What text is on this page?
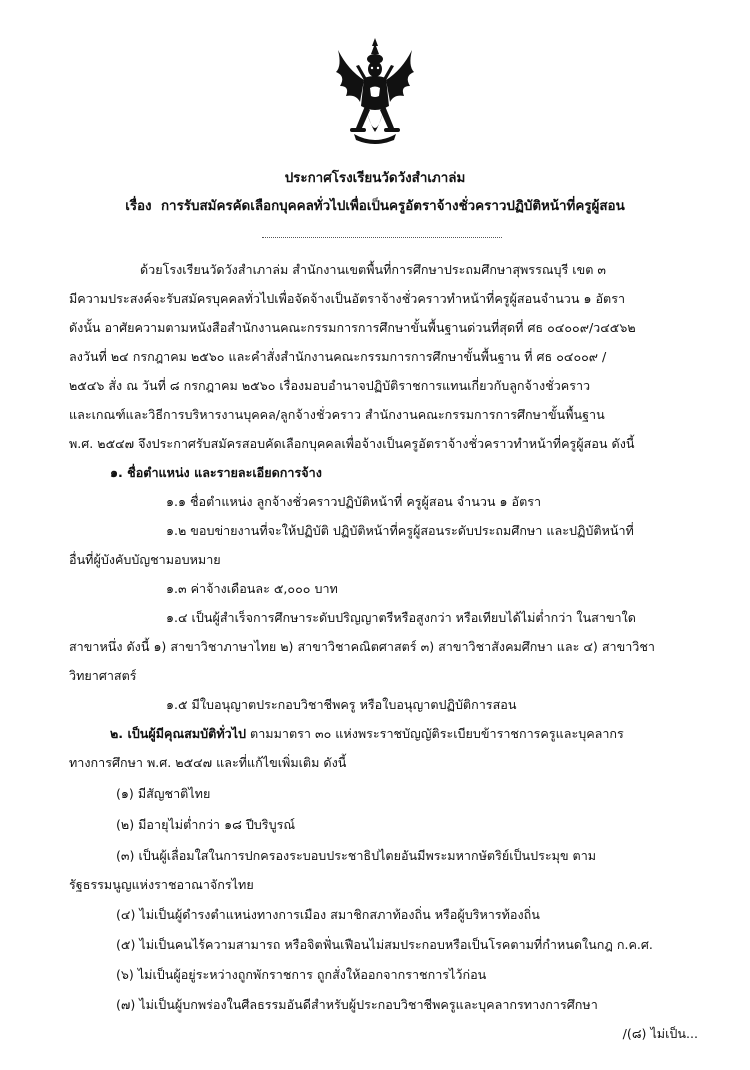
ประกาศโรงเรียนวัดวังสำเภาล่ม
เรื่อง การรับสมัครคัดเลือกบุคคลทั่วไปเพื่อเป็นครูอัตราจ้างชั่วคราวปฏิบัติหน้าที่ครูผู้สอน
ด้วยโรงเรียนวัดวังสำเภาล่ม สำนักงานเขตพื้นที่การศึกษาประถมศึกษาสุพรรณบุรี เขต ๓
มีความประสงค์จะรับสมัครบุคคลทั่วไปเพื่อจัดจ้างเป็นอัตราจ้างชั่วคราวทำหน้าที่ครูผู้สอนจำนวน ๑ อัตรา
ดังนั้น อาศัยความตามหนังสือสำนักงานคณะกรรมการการศึกษาขั้นพื้นฐานด่วนที่สุดที่ ศธ ๐๔๐๐๙/ว๔๕๖๒
ลงวันที่ ๒๔ กรกฎาคม ๒๕๖๐ และคำสั่งสำนักงานคณะกรรมการการศึกษาขั้นพื้นฐาน ที่ ศธ ๐๔๐๐๙ /
๒๕๔๖ สั่ง ณ วันที่ ๘ กรกฎาคม ๒๕๖๐ เรื่องมอบอำนาจปฏิบัติราชการแทนเกี่ยวกับลูกจ้างชั่วคราว
และเกณฑ์และวิธีการบริหารงานบุคคล/ลูกจ้างชั่วคราว สำนักงานคณะกรรมการการศึกษาขั้นพื้นฐาน
พ.ศ. ๒๕๔๗ จึงประกาศรับสมัครสอบคัดเลือกบุคคลเพื่อจ้างเป็นครูอัตราจ้างชั่วคราวทำหน้าที่ครูผู้สอน ดังนี้
๑. ชื่อตำแหน่ง และรายละเอียดการจ้าง
๑.๑ ชื่อตำแหน่ง ลูกจ้างชั่วคราวปฏิบัติหน้าที่ ครูผู้สอน จำนวน ๑ อัตรา
๑.๒ ขอบข่ายงานที่จะให้ปฏิบัติ ปฏิบัติหน้าที่ครูผู้สอนระดับประถมศึกษา และปฏิบัติหน้าที่
อื่นที่ผู้บังคับบัญชามอบหมาย
๑.๓ ค่าจ้างเดือนละ ๕,๐๐๐ บาท
๑.๔ เป็นผู้สำเร็จการศึกษาระดับปริญญาตรีหรือสูงกว่า หรือเทียบได้ไม่ต่ำกว่า ในสาขาใด
สาขาหนึ่ง ดังนี้ ๑) สาขาวิชาภาษาไทย ๒) สาขาวิชาคณิตศาสตร์ ๓) สาขาวิชาสังคมศึกษา และ ๔) สาขาวิชา
วิทยาศาสตร์
๑.๕ มีใบอนุญาตประกอบวิชาชีพครู หรือใบอนุญาตปฏิบัติการสอน
๒. เป็นผู้มีคุณสมบัติทั่วไป ตามมาตรา ๓๐ แห่งพระราชบัญญัติระเบียบข้าราชการครูและบุคลากร
ทางการศึกษา พ.ศ. ๒๕๔๗ และที่แก้ไขเพิ่มเติม ดังนี้
(๑) มีสัญชาติไทย
(๒) มีอายุไม่ต่ำกว่า ๑๘ ปีบริบูรณ์
(๓) เป็นผู้เลื่อมใสในการปกครองระบอบประชาธิปไตยอันมีพระมหากษัตริย์เป็นประมุข ตาม
รัฐธรรมนูญแห่งราชอาณาจักรไทย
(๔) ไม่เป็นผู้ดำรงตำแหน่งทางการเมือง สมาชิกสภาท้องถิ่น หรือผู้บริหารท้องถิ่น
(๕) ไม่เป็นคนไร้ความสามารถ หรือจิตฟั่นเฟือนไม่สมประกอบหรือเป็นโรคตามที่กำหนดในกฎ ก.ค.ศ.
(๖) ไม่เป็นผู้อยู่ระหว่างถูกพักราชการ ถูกสั่งให้ออกจากราชการไว้ก่อน
(๗) ไม่เป็นผู้บกพร่องในศีลธรรมอันดีสำหรับผู้ประกอบวิชาชีพครูและบุคลากรทางการศึกษา
/(๘) ไม่เป็น...
